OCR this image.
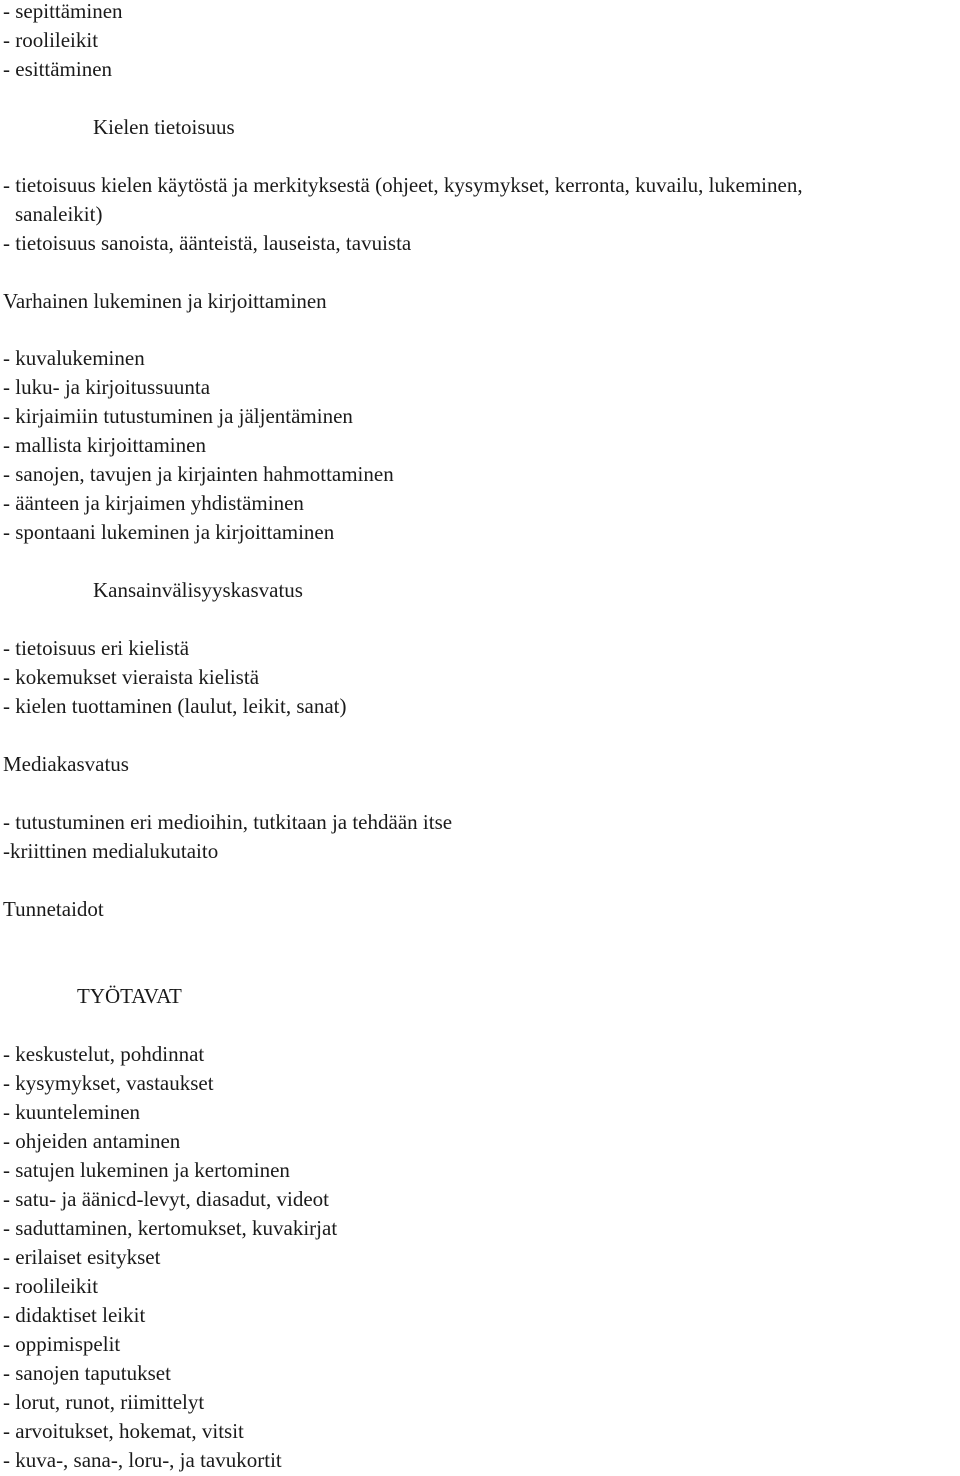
- sepittäminen
- roolileikit
- esittäminen
Kielen tietoisuus
- tietoisuus kielen käytöstä ja merkityksestä (ohjeet, kysymykset, kerronta, kuvailu, lukeminen,
sanaleikit)
- tietoisuus sanoista, äänteistä, lauseista, tavuista
Varhainen lukeminen ja kirjoittaminen
- kuvalukeminen
- luku- ja kirjoitussuunta
- kirjaimiin tutustuminen ja jäljentäminen
- mallista kirjoittaminen
- sanojen, tavujen ja kirjainten hahmottaminen
- äänteen ja kirjaimen yhdistäminen
- spontaani lukeminen ja kirjoittaminen
Kansainvälisyyskasvatus
- tietoisuus eri kielistä
- kokemukset vieraista kielistä
- kielen tuottaminen (laulut, leikit, sanat)
Mediakasvatus
- tutustuminen eri medioihin, tutkitaan ja tehdään itse
-kriittinen medialukutaito
Tunnetaidot
TYÖTAVAT
- keskustelut, pohdinnat
- kysymykset, vastaukset
- kuunteleminen
- ohjeiden antaminen
- satujen lukeminen ja kertominen
- satu- ja äänicd-levyt, diasadut, videot
- saduttaminen, kertomukset, kuvakirjat
- erilaiset esitykset
- roolileikit
- didaktiset leikit
- oppimispelit
- sanojen taputukset
- lorut, runot, riimittelyt
- arvoitukset, hokemat, vitsit
- kuva-, sana-, loru-, ja tavukortit
